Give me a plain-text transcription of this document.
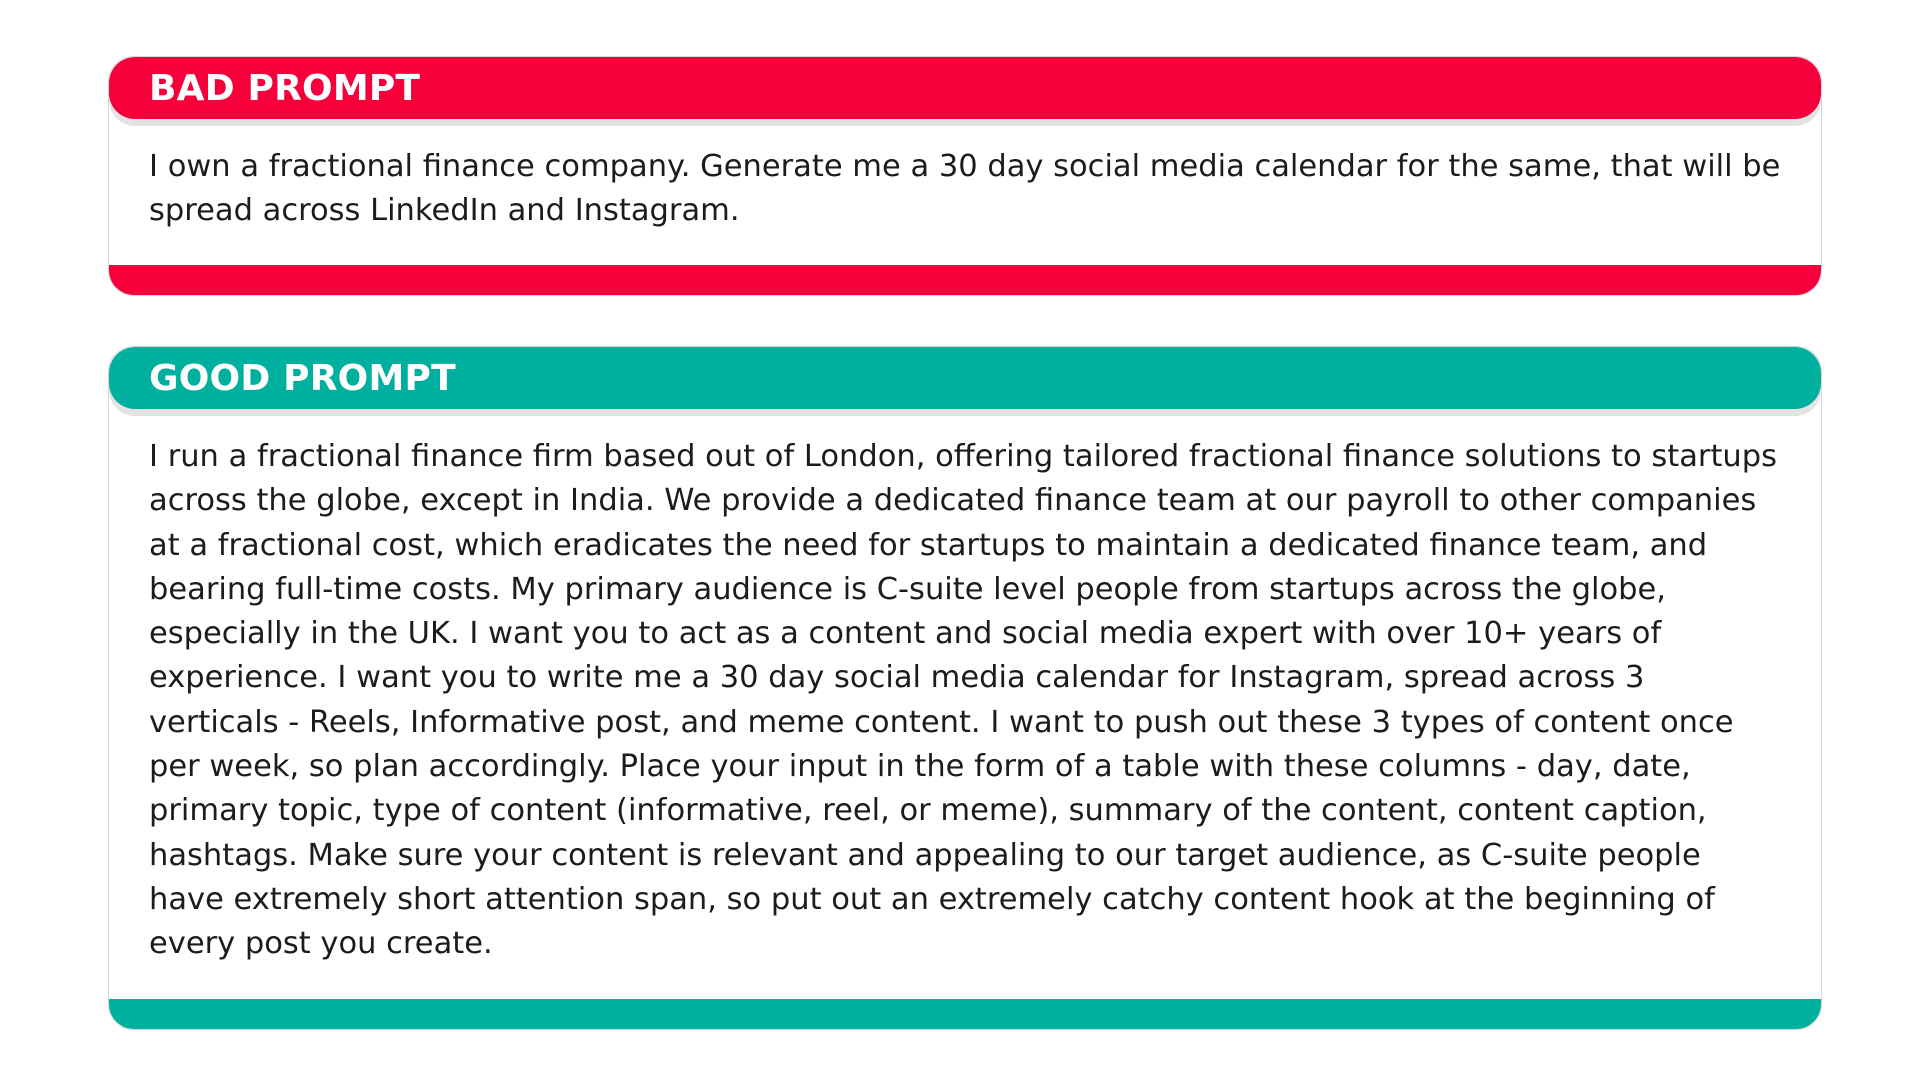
BAD PROMPT
I own a fractional finance company. Generate me a 30 day social media calendar for the same, that will be spread across LinkedIn and Instagram.
GOOD PROMPT
I run a fractional finance firm based out of London, offering tailored fractional finance solutions to startups across the globe, except in India. We provide a dedicated finance team at our payroll to other companies at a fractional cost, which eradicates the need for startups to maintain a dedicated finance team, and bearing full-time costs. My primary audience is C-suite level people from startups across the globe, especially in the UK. I want you to act as a content and social media expert with over 10+ years of experience. I want you to write me a 30 day social media calendar for Instagram, spread across 3 verticals - Reels, Informative post, and meme content. I want to push out these 3 types of content once per week, so plan accordingly. Place your input in the form of a table with these columns - day, date, primary topic, type of content (informative, reel, or meme), summary of the content, content caption, hashtags. Make sure your content is relevant and appealing to our target audience, as C-suite people have extremely short attention span, so put out an extremely catchy content hook at the beginning of every post you create.
